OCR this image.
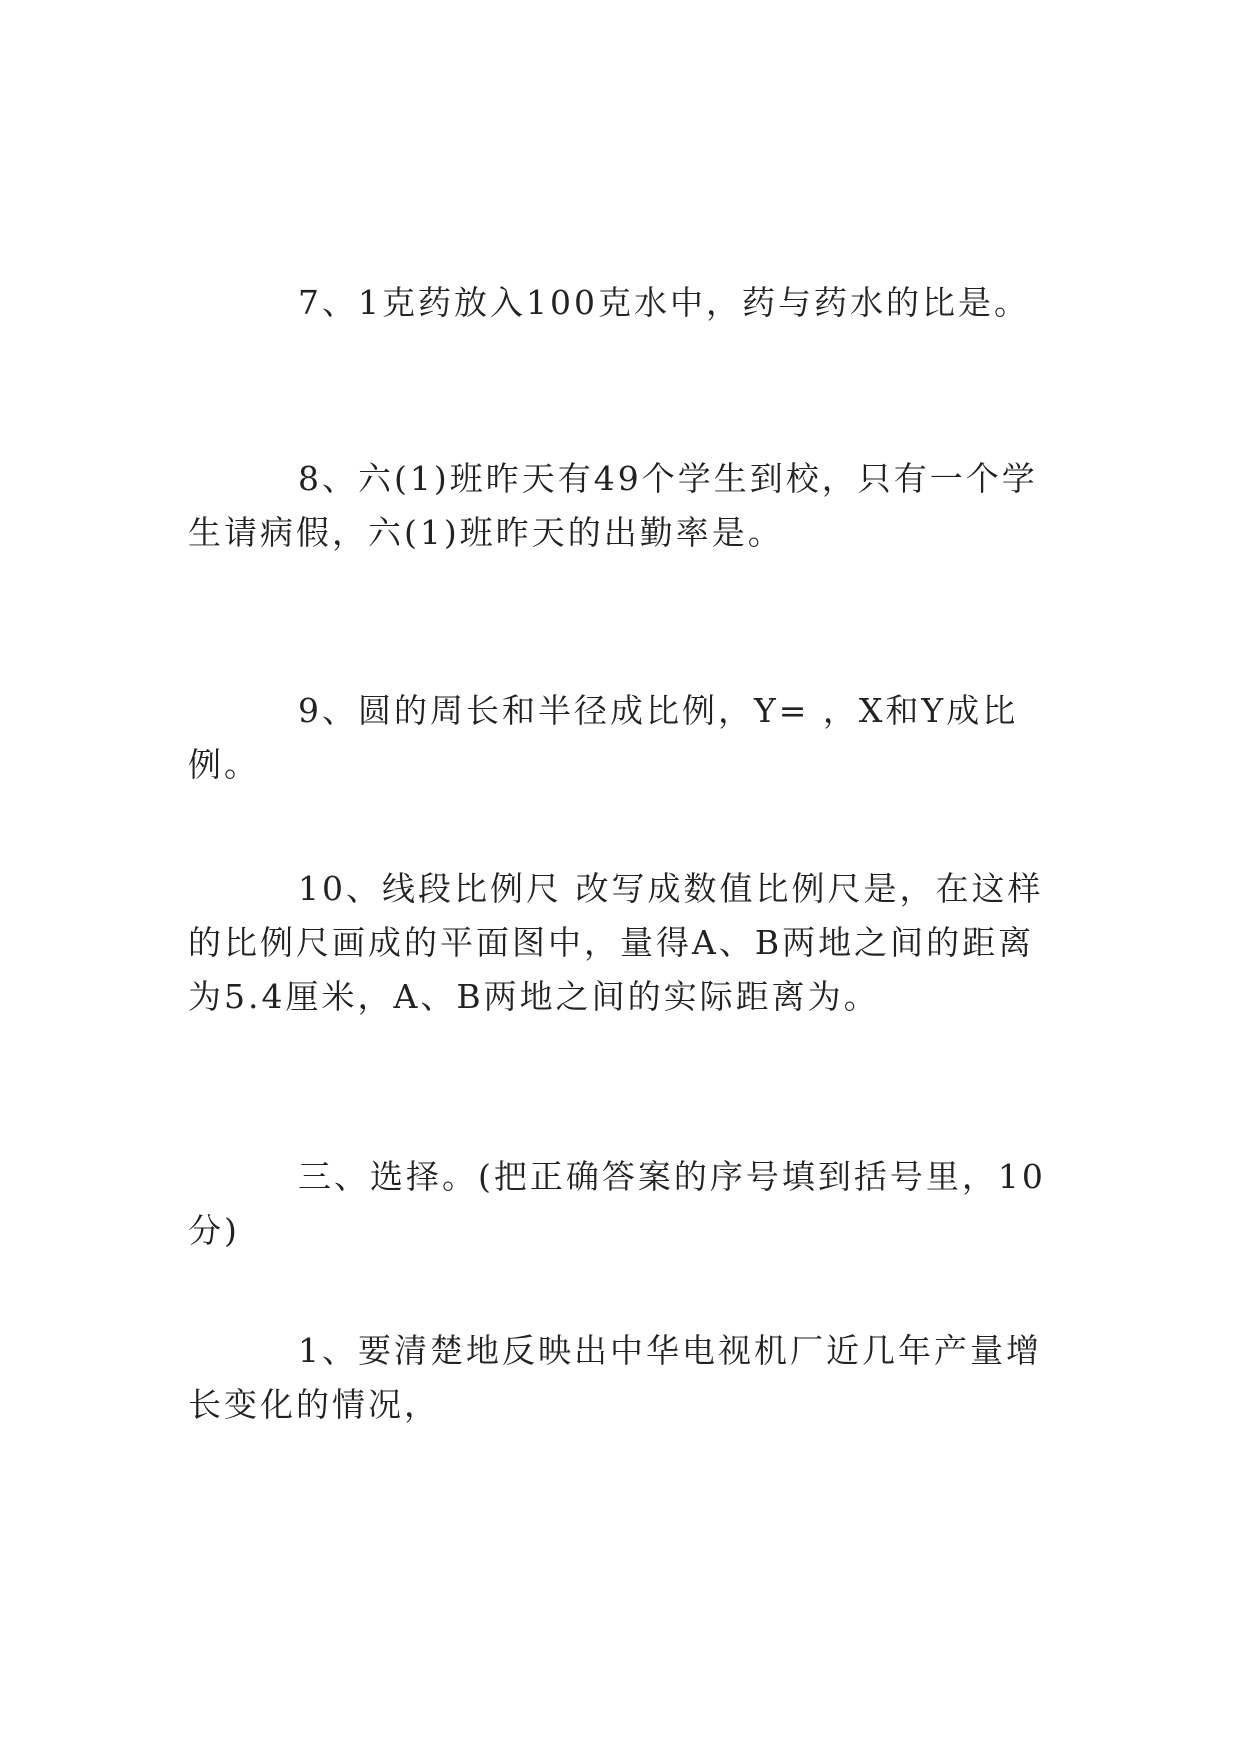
7、1克药放入100克水中，药与药水的比是。

8、六(1)班昨天有49个学生到校，只有一个学生请病假，六(1)班昨天的出勤率是。

9、圆的周长和半径成比例，Y= ，X和Y成比例。

10、线段比例尺 改写成数值比例尺是，在这样的比例尺画成的平面图中，量得A、B两地之间的距离为5.4厘米，A、B两地之间的实际距离为。

三、选择。(把正确答案的序号填到括号里，10分)

1、要清楚地反映出中华电视机厂近几年产量增长变化的情况，
